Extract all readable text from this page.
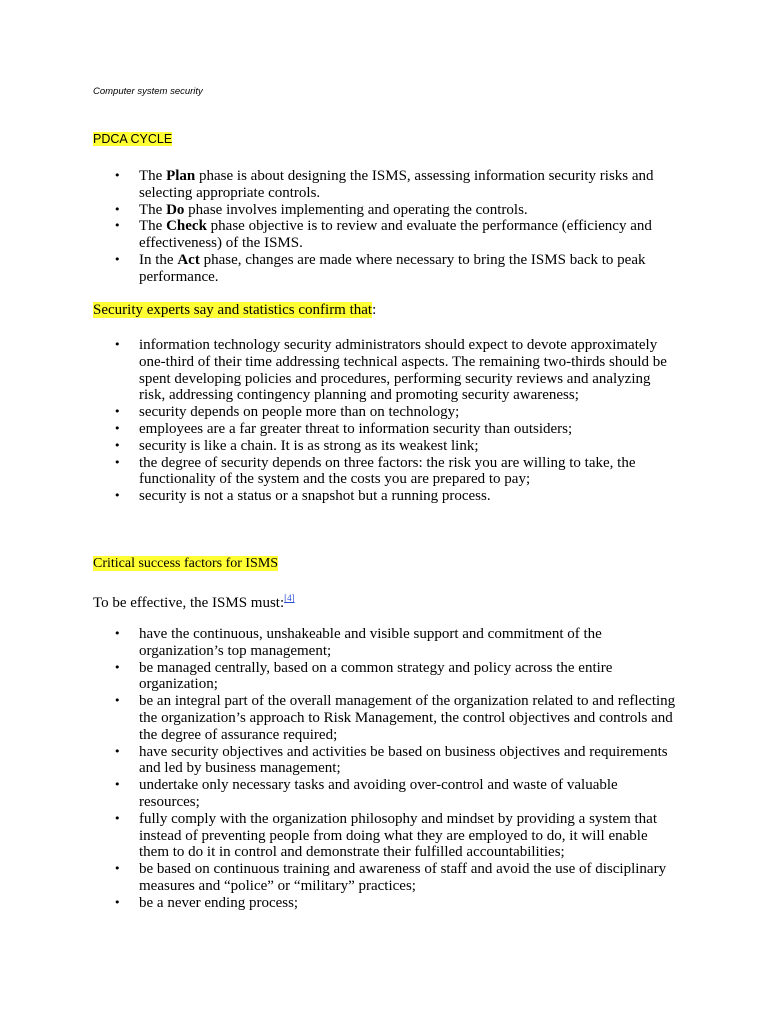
Computer system security
PDCA CYCLE
• The Plan phase is about designing the ISMS, assessing information security risks and selecting appropriate controls.
• The Do phase involves implementing and operating the controls.
• The Check phase objective is to review and evaluate the performance (efficiency and effectiveness) of the ISMS.
• In the Act phase, changes are made where necessary to bring the ISMS back to peak performance.
Security experts say and statistics confirm that:
• information technology security administrators should expect to devote approximately one-third of their time addressing technical aspects. The remaining two-thirds should be spent developing policies and procedures, performing security reviews and analyzing risk, addressing contingency planning and promoting security awareness;
• security depends on people more than on technology;
• employees are a far greater threat to information security than outsiders;
• security is like a chain. It is as strong as its weakest link;
• the degree of security depends on three factors: the risk you are willing to take, the functionality of the system and the costs you are prepared to pay;
• security is not a status or a snapshot but a running process.
Critical success factors for ISMS
To be effective, the ISMS must:[4]
• have the continuous, unshakeable and visible support and commitment of the organization’s top management;
• be managed centrally, based on a common strategy and policy across the entire organization;
• be an integral part of the overall management of the organization related to and reflecting the organization’s approach to Risk Management, the control objectives and controls and the degree of assurance required;
• have security objectives and activities be based on business objectives and requirements and led by business management;
• undertake only necessary tasks and avoiding over-control and waste of valuable resources;
• fully comply with the organization philosophy and mindset by providing a system that instead of preventing people from doing what they are employed to do, it will enable them to do it in control and demonstrate their fulfilled accountabilities;
• be based on continuous training and awareness of staff and avoid the use of disciplinary measures and “police” or “military” practices;
• be a never ending process;
